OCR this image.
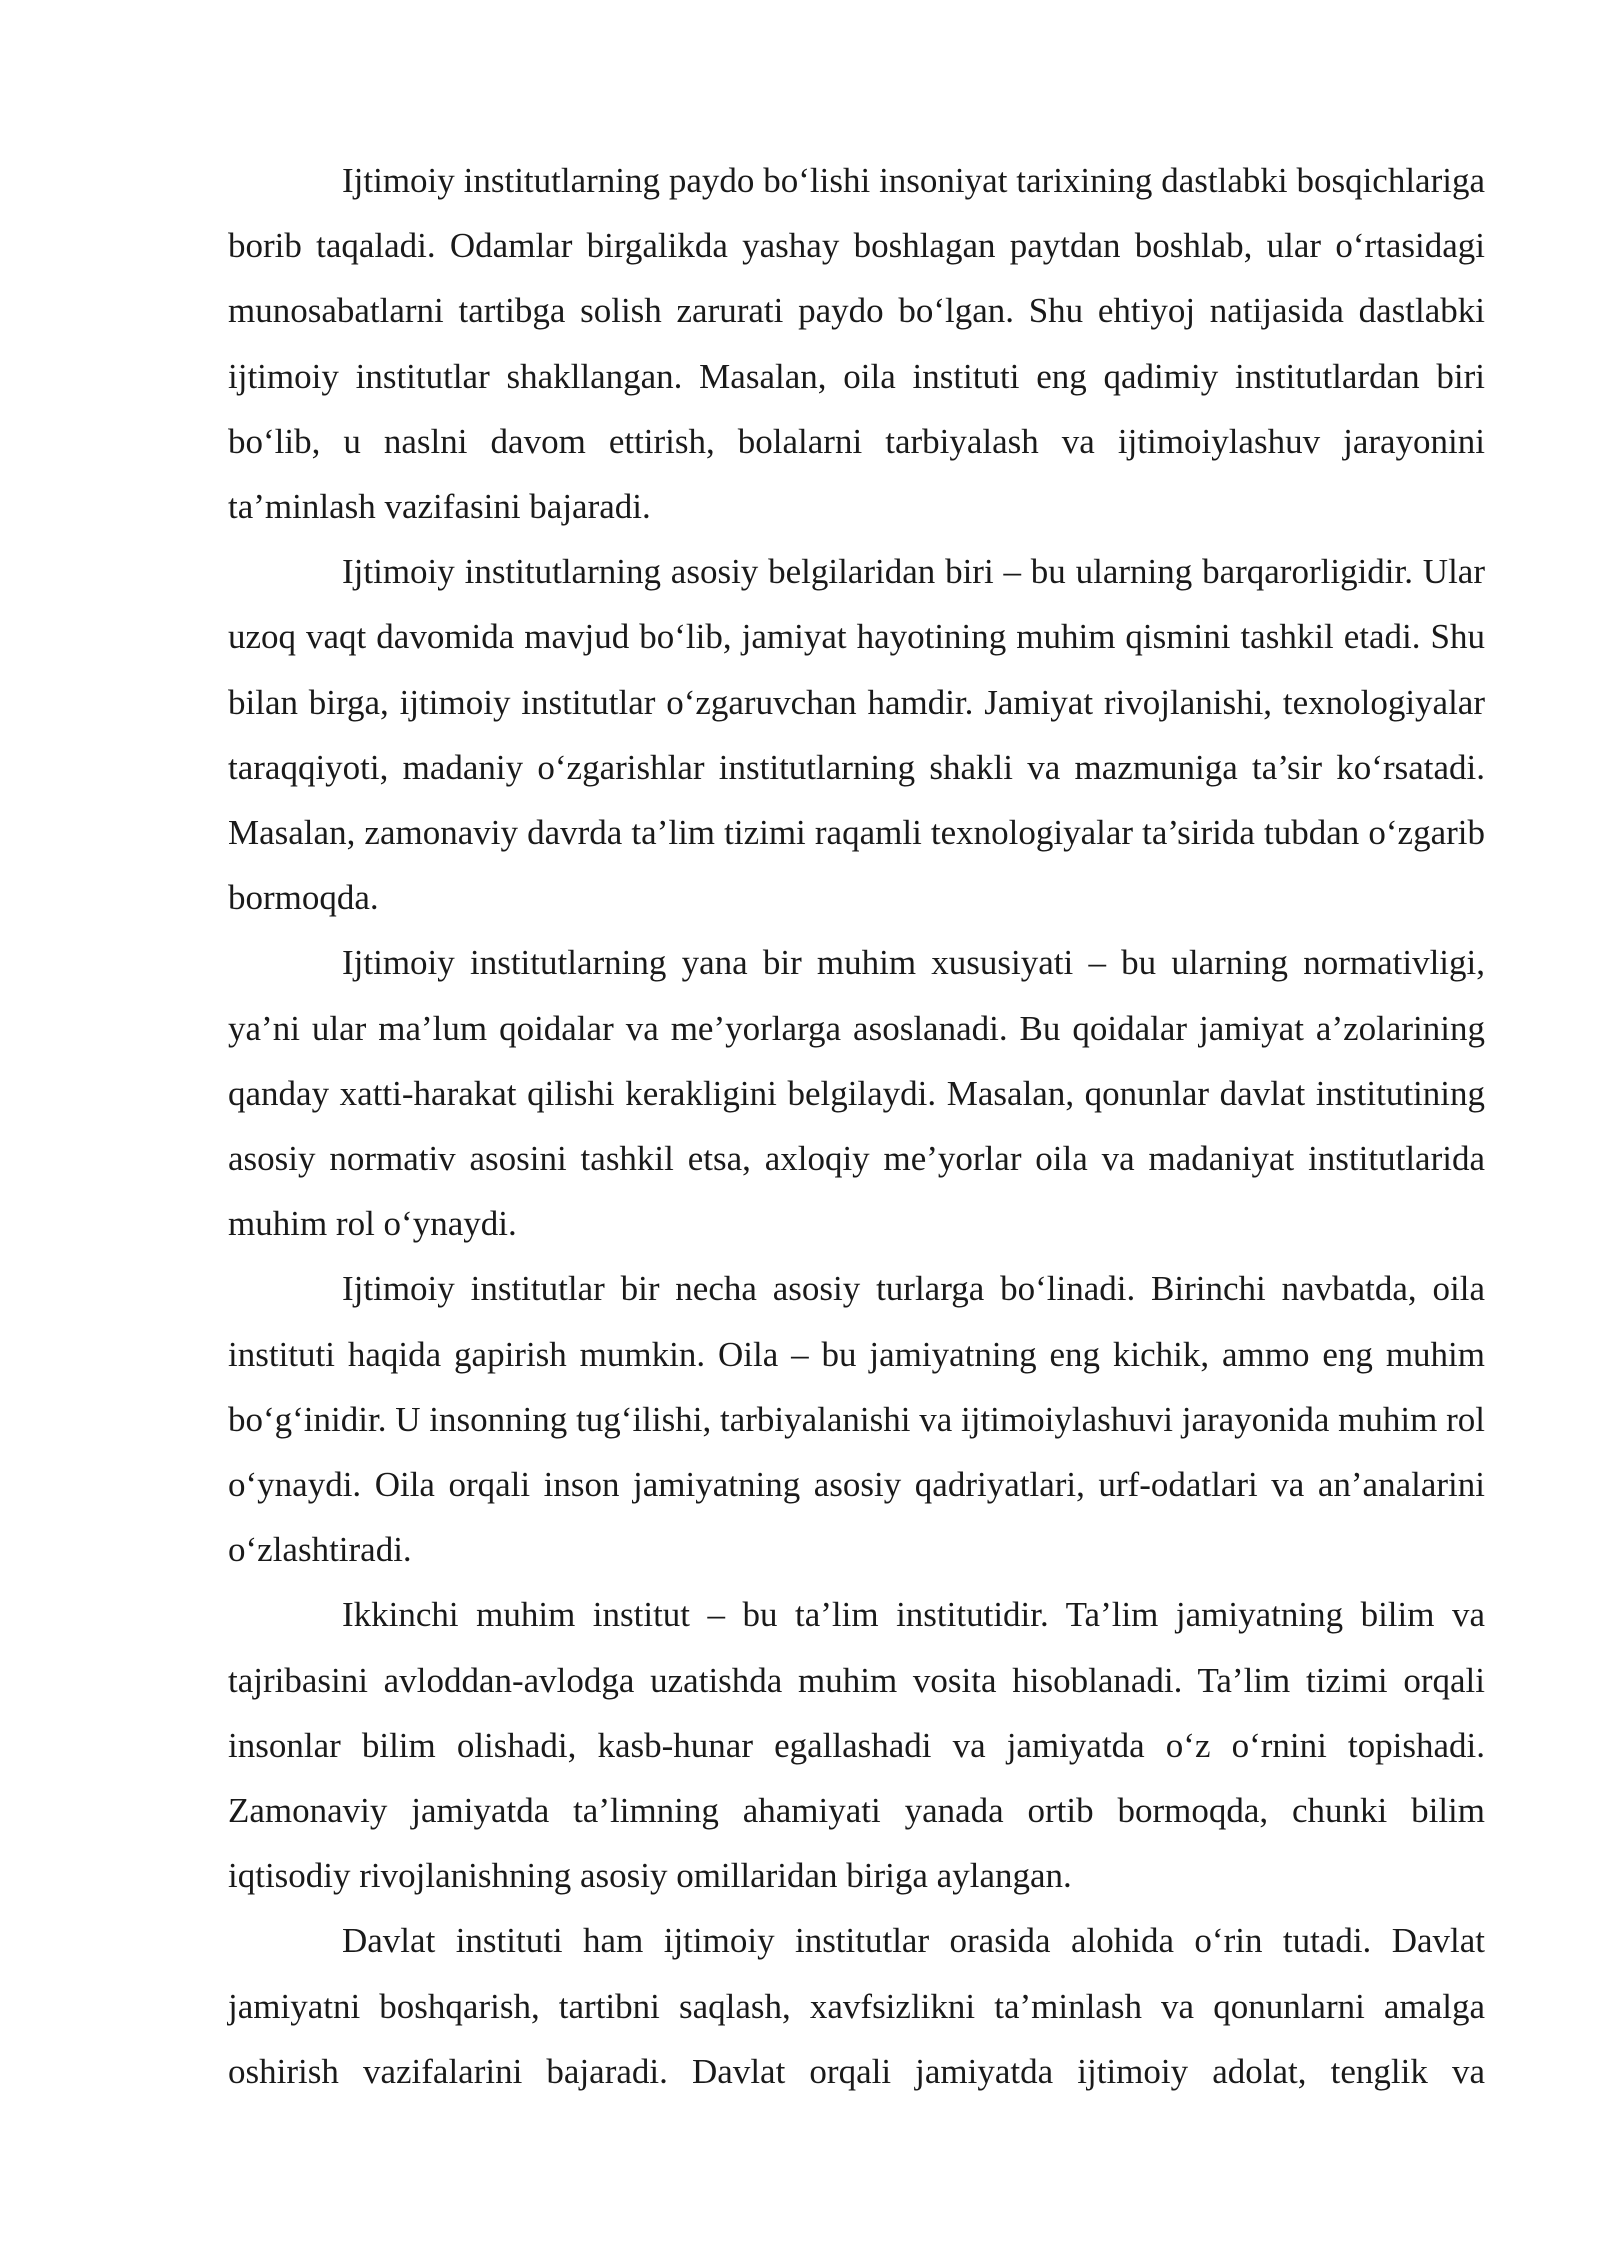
Ijtimoiy institutlarning paydo bo‘lishi insoniyat tarixining dastlabki bosqichlariga borib taqaladi. Odamlar birgalikda yashay boshlagan paytdan boshlab, ular o‘rtasidagi munosabatlarni tartibga solish zarurati paydo bo‘lgan. Shu ehtiyoj natijasida dastlabki ijtimoiy institutlar shakllangan. Masalan, oila instituti eng qadimiy institutlardan biri bo‘lib, u naslni davom ettirish, bolalarni tarbiyalash va ijtimoiylashuv jarayonini ta’minlash vazifasini bajaradi.

Ijtimoiy institutlarning asosiy belgilaridan biri – bu ularning barqarorligidir. Ular uzoq vaqt davomida mavjud bo‘lib, jamiyat hayotining muhim qismini tashkil etadi. Shu bilan birga, ijtimoiy institutlar o‘zgaruvchan hamdir. Jamiyat rivojlanishi, texnologiyalar taraqqiyoti, madaniy o‘zgarishlar institutlarning shakli va mazmuniga ta’sir ko‘rsatadi. Masalan, zamonaviy davrda ta’lim tizimi raqamli texnologiyalar ta’sirida tubdan o‘zgarib bormoqda.

Ijtimoiy institutlarning yana bir muhim xususiyati – bu ularning normativligi, ya’ni ular ma’lum qoidalar va me’yorlarga asoslanadi. Bu qoidalar jamiyat a’zolarining qanday xatti-harakat qilishi kerakligini belgilaydi. Masalan, qonunlar davlat institutining asosiy normativ asosini tashkil etsa, axloqiy me’yorlar oila va madaniyat institutlarida muhim rol o‘ynaydi.

Ijtimoiy institutlar bir necha asosiy turlarga bo‘linadi. Birinchi navbatda, oila instituti haqida gapirish mumkin. Oila – bu jamiyatning eng kichik, ammo eng muhim bo‘g‘inidir. U insonning tug‘ilishi, tarbiyalanishi va ijtimoiylashuvi jarayonida muhim rol o‘ynaydi. Oila orqali inson jamiyatning asosiy qadriyatlari, urf-odatlari va an’analarini o‘zlashtiradi.

Ikkinchi muhim institut – bu ta’lim institutidir. Ta’lim jamiyatning bilim va tajribasini avloddan-avlodga uzatishda muhim vosita hisoblanadi. Ta’lim tizimi orqali insonlar bilim olishadi, kasb-hunar egallashadi va jamiyatda o‘z o‘rnini topishadi. Zamonaviy jamiyatda ta’limning ahamiyati yanada ortib bormoqda, chunki bilim iqtisodiy rivojlanishning asosiy omillaridan biriga aylangan.

Davlat instituti ham ijtimoiy institutlar orasida alohida o‘rin tutadi. Davlat jamiyatni boshqarish, tartibni saqlash, xavfsizlikni ta’minlash va qonunlarni amalga oshirish vazifalarini bajaradi. Davlat orqali jamiyatda ijtimoiy adolat, tenglik va
